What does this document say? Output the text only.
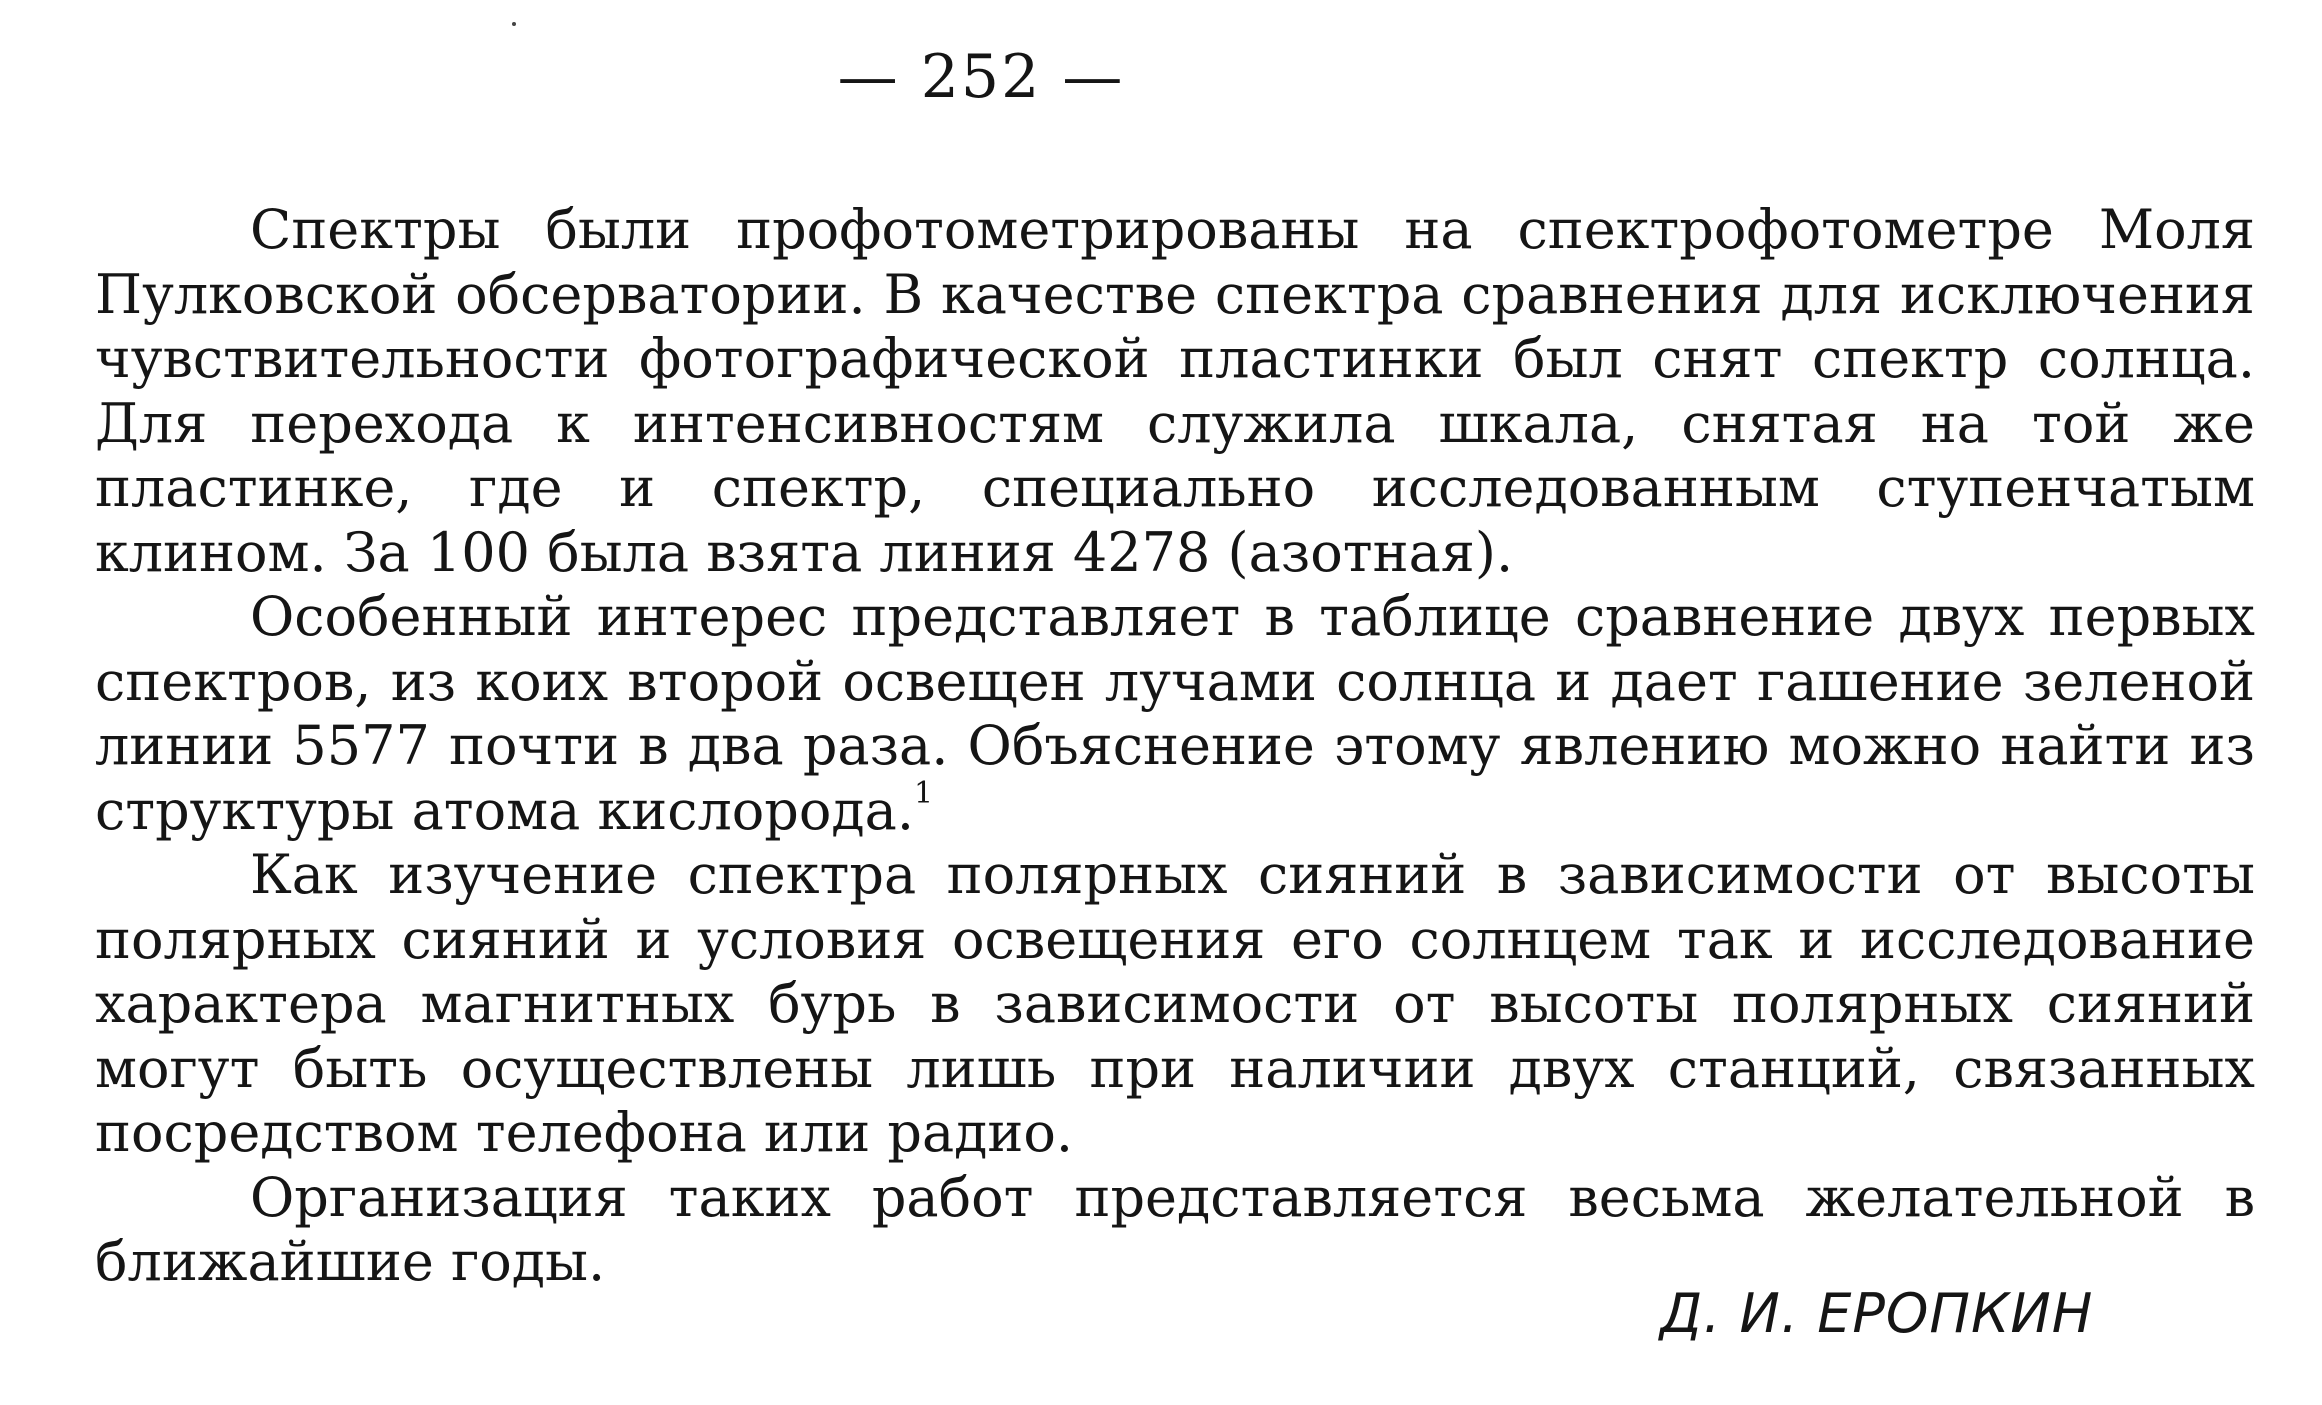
— 252 —

Спектры были профотометрированы на спектрофотометре Моля Пулковской обсерватории. В качестве спектра сравнения для исключения чувствительности фотографической пластинки был снят спектр солнца. Для перехода к интенсивностям служила шкала, снятая на той же пластинке, где и спектр, специально исследованным ступенчатым клином. За 100 была взята линия 4278 (азотная).

Особенный интерес представляет в таблице сравнение двух первых спектров, из коих второй освещен лучами солнца и дает гашение зеленой линии 5577 почти в два раза. Объяснение этому явлению можно найти из структуры атома кислорода.$^1$

Как изучение спектра полярных сияний в зависимости от высоты полярных сияний и условия освещения его солнцем так и исследование характера магнитных бурь в зависимости от высоты полярных сияний могут быть осуществлены лишь при наличии двух станций, связанных посредством телефона или радио.

Организация таких работ представляется весьма желательной в ближайшие годы.

Д. И. ЕРОПКИН
